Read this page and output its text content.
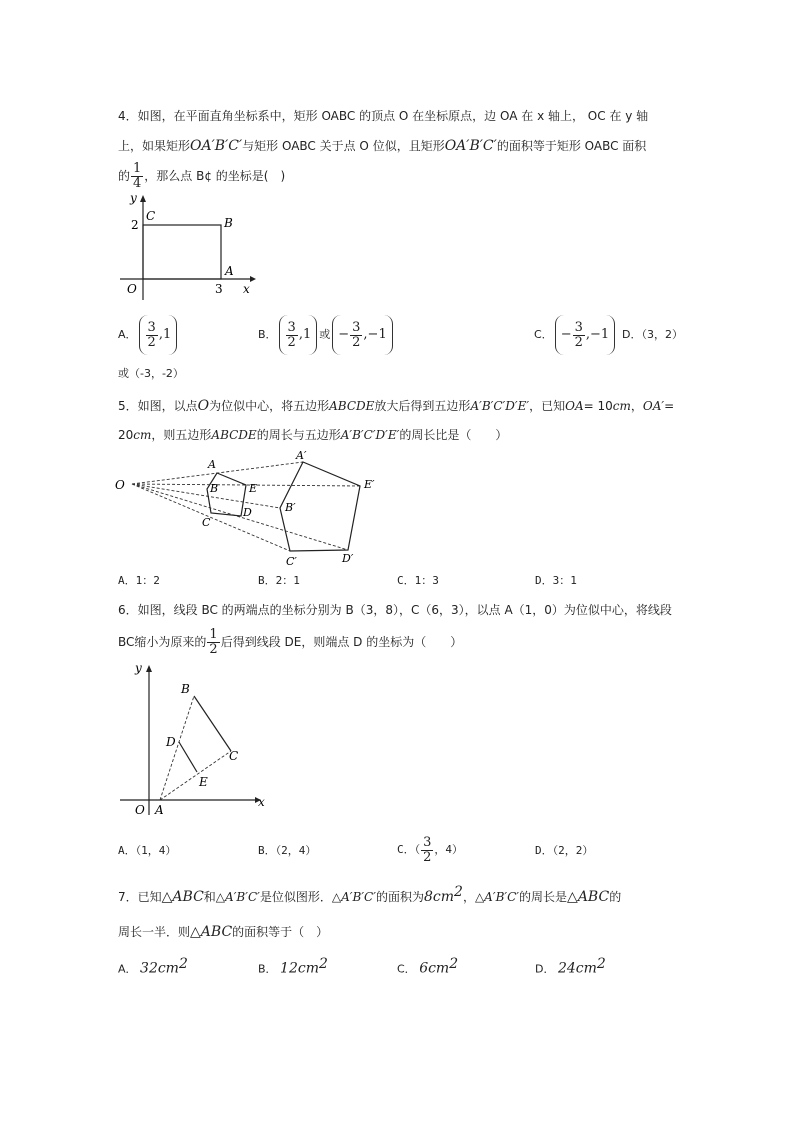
4．如图，在平面直角坐标系中，矩形 OABC 的顶点 O 在坐标原点，边 OA 在 x 轴上， OC 在 y 轴
上，如果矩形OA′B′C′与矩形 OABC 关于点 O 位似，且矩形OA′B′C′的面积等于矩形 OABC 面积
的 $\frac{1}{4}$ ，那么点 B¢ 的坐标是(　)
y
x
C	B
A
O
2
3
A． $\frac{3}{2} ,1$	B． $\frac{3}{2} ,1$ 或 − $\frac{3}{2} ,-1$	C． − $\frac{3}{2} ,-1$ D．（3，2）
或（-3，-2）
5．如图，以点O为位似中心，将五边形ABCDE放大后得到五边形A′B′C′D′E′，已知OA= 10cm，OA′=
20cm，则五边形ABCDE的周长与五边形A′B′C′D′E′的周长比是（　　）
O
A
B
C
D
E
A′
B′
C′	D′
E′
A．1：2	B．2：1	C．1：3	D．3：1
6．如图，线段 BC 的两端点的坐标分别为 B（3，8），C（6，3），以点 A（1，0）为位似中心，将线段
BC缩小为原来的 $\frac{1}{2}$ 后得到线段 DE，则端点 D 的坐标为（　　）
y
x
B
C
D
E
O A
A．（1，4）	B．（2，4）	C．（ $\frac{3}{2}$ ，4）	D．（2，2）
7．已知△ABC和△A′B′C′是位似图形．△A′B′C′的面积为$8cm^2$，△A′B′C′的周长是△ABC的
周长一半．则△ABC的面积等于（　）
A． $32cm^2$	B． $12cm^2$	C． $6cm^2$	D． $24cm^2$
